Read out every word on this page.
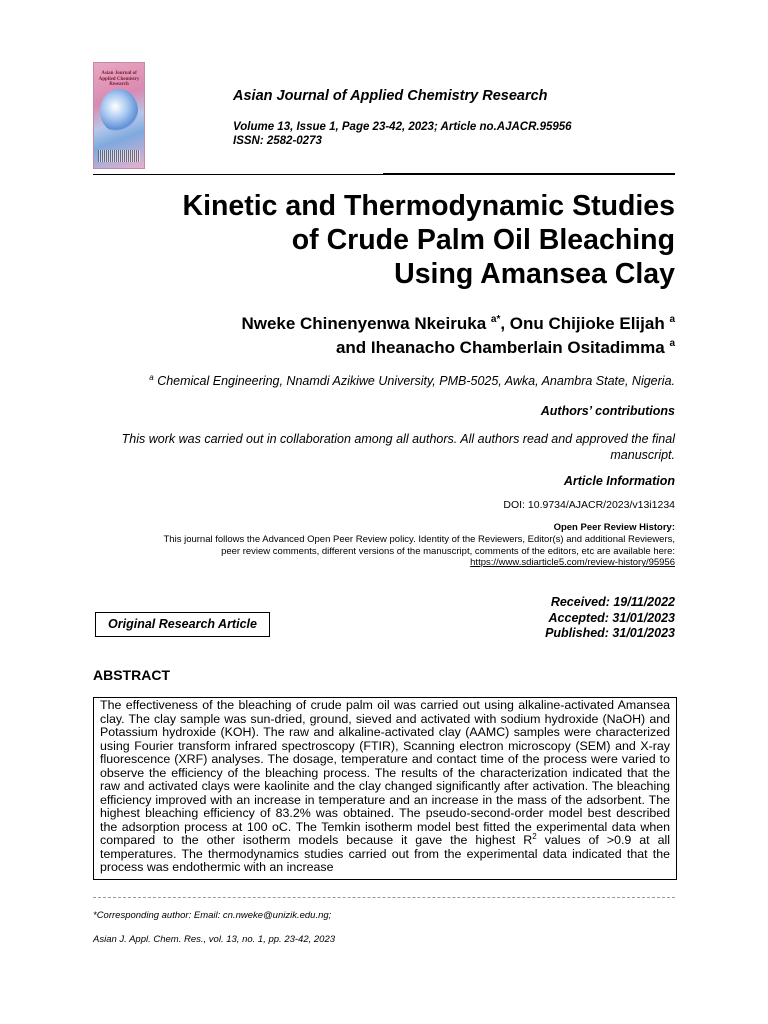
Asian Journal of Applied Chemistry Research
Asian Journal of Applied Chemistry Research
Volume 13, Issue 1, Page 23-42, 2023; Article no.AJACR.95956
ISSN: 2582-0273
Kinetic and Thermodynamic Studies
of Crude Palm Oil Bleaching
Using Amansea Clay
Nweke Chinenyenwa Nkeiruka $^{a*}$, Onu Chijioke Elijah $^a$
and Iheanacho Chamberlain Ositadimma $^a$
$^a$ Chemical Engineering, Nnamdi Azikiwe University, PMB-5025, Awka, Anambra State, Nigeria.
Authors’ contributions
This work was carried out in collaboration among all authors. All authors read and approved the final manuscript.
Article Information
DOI: 10.9734/AJACR/2023/v13i1234
Open Peer Review History:
This journal follows the Advanced Open Peer Review policy. Identity of the Reviewers, Editor(s) and additional Reviewers,
peer review comments, different versions of the manuscript, comments of the editors, etc are available here:
https://www.sdiarticle5.com/review-history/95956
Received: 19/11/2022
Accepted: 31/01/2023
Published: 31/01/2023
Original Research Article
ABSTRACT
The effectiveness of the bleaching of crude palm oil was carried out using alkaline-activated Amansea clay. The clay sample was sun-dried, ground, sieved and activated with sodium hydroxide (NaOH) and Potassium hydroxide (KOH). The raw and alkaline-activated clay (AAMC) samples were characterized using Fourier transform infrared spectroscopy (FTIR), Scanning electron microscopy (SEM) and X-ray fluorescence (XRF) analyses. The dosage, temperature and contact time of the process were varied to observe the efficiency of the bleaching process. The results of the characterization indicated that the raw and activated clays were kaolinite and the clay changed significantly after activation. The bleaching efficiency improved with an increase in temperature and an increase in the mass of the adsorbent. The highest bleaching efficiency of 83.2% was obtained. The pseudo-second-order model best described the adsorption process at 100 oC. The Temkin isotherm model best fitted the experimental data when compared to the other isotherm models because it gave the highest $R^2$ values of >0.9 at all temperatures. The thermodynamics studies carried out from the experimental data indicated that the process was endothermic with an increase
*Corresponding author: Email: cn.nweke@unizik.edu.ng;
Asian J. Appl. Chem. Res., vol. 13, no. 1, pp. 23-42, 2023
